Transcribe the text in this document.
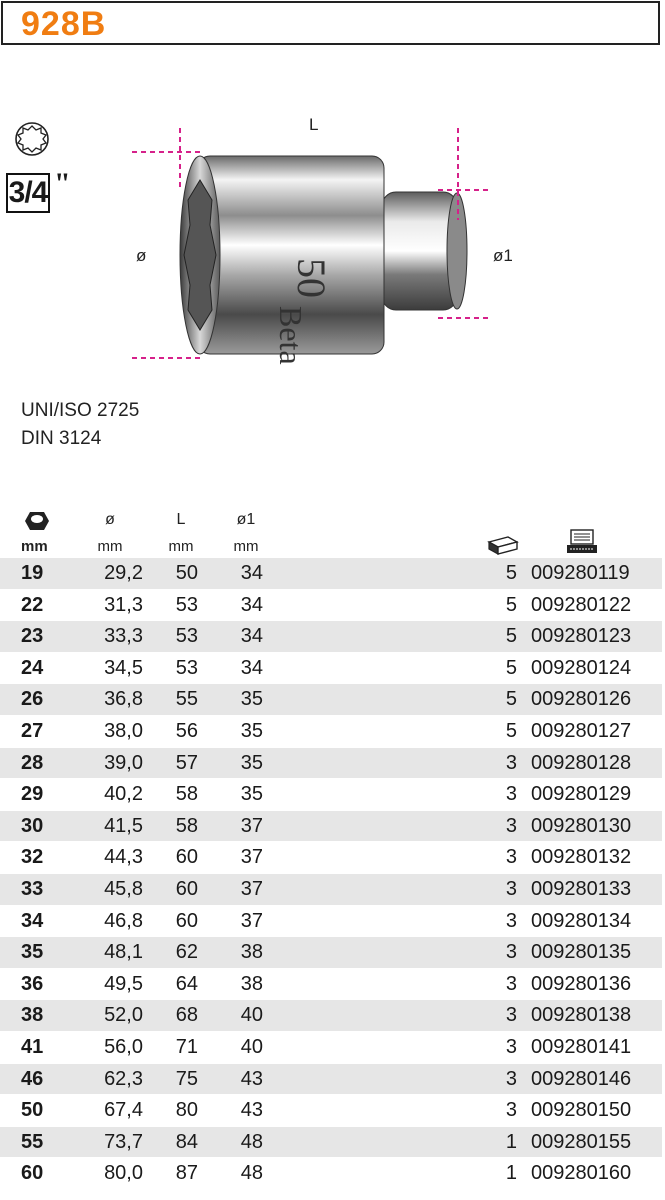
928B
3/4 "
50
Beta
L
ø	ø1
UNI/ISO 2725
DIN 3124
ø	L	ø1
mm	mm	mm	mm
19	29,2 50 34	5 009280119
22	31,3 53 34	5 009280122
23	33,3 53 34	5 009280123
24	34,5 53 34	5 009280124
26	36,8 55 35	5 009280126
27	38,0 56 35	5 009280127
28	39,0 57 35	3 009280128
29	40,2 58 35	3 009280129
30	41,5 58 37	3 009280130
32	44,3 60 37	3 009280132
33	45,8 60 37	3 009280133
34	46,8 60 37	3 009280134
35	48,1 62 38	3 009280135
36	49,5 64 38	3 009280136
38	52,0 68 40	3 009280138
41	56,0 71 40	3 009280141
46	62,3 75 43	3 009280146
50	67,4 80 43	3 009280150
55	73,7 84 48	1 009280155
60	80,0 87 48	1 009280160
